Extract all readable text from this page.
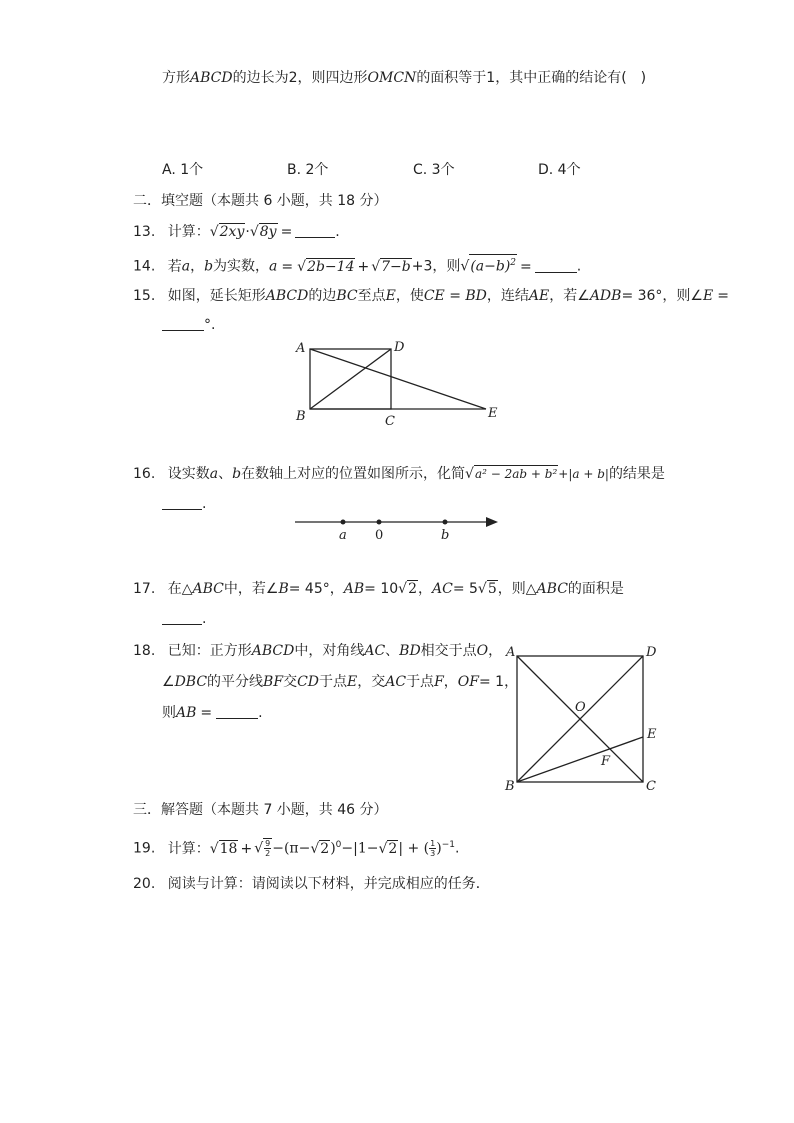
方形ABCD的边长为2，则四边形OMCN的面积等于1，其中正确的结论有(　)
A. 1个	B. 2个	C. 3个	D. 4个
二．填空题（本题共 6 小题，共 18 分）
13. 计算：√2xy·√8y =	.
14. 若a，b为实数，a = √2b−14 + √7−b+3，则$√(a-b)^2$ =	.
15. 如图，延长矩形ABCD的边BC至点E，使CE = BD，连结AE，若∠ADB= 36°，则∠E =
°.
A	D
B	C
E
16. 设实数a、b在数轴上对应的位置如图所示，化简√a² − 2ab + b²+|a + b|的结果是
.
a 0	b
17. 在△ABC中，若∠B= 45°，AB= 10√2，AC= 5√5，则△ABC的面积是
.
18. 已知：正方形ABCD中，对角线AC、BD相交于点O，
∠DBC的平分线BF交CD于点E，交AC于点F，OF= 1，
则AB =	.
A	D
O
E
F
B	C
三．解答题（本题共 7 小题，共 46 分）
19. 计算：√18 + √ $\frac{9}{2} -(\pi-√2)^0-|1-√2|$ + ( $\frac{1}{3} )^{-1}$.
20. 阅读与计算：请阅读以下材料，并完成相应的任务．
